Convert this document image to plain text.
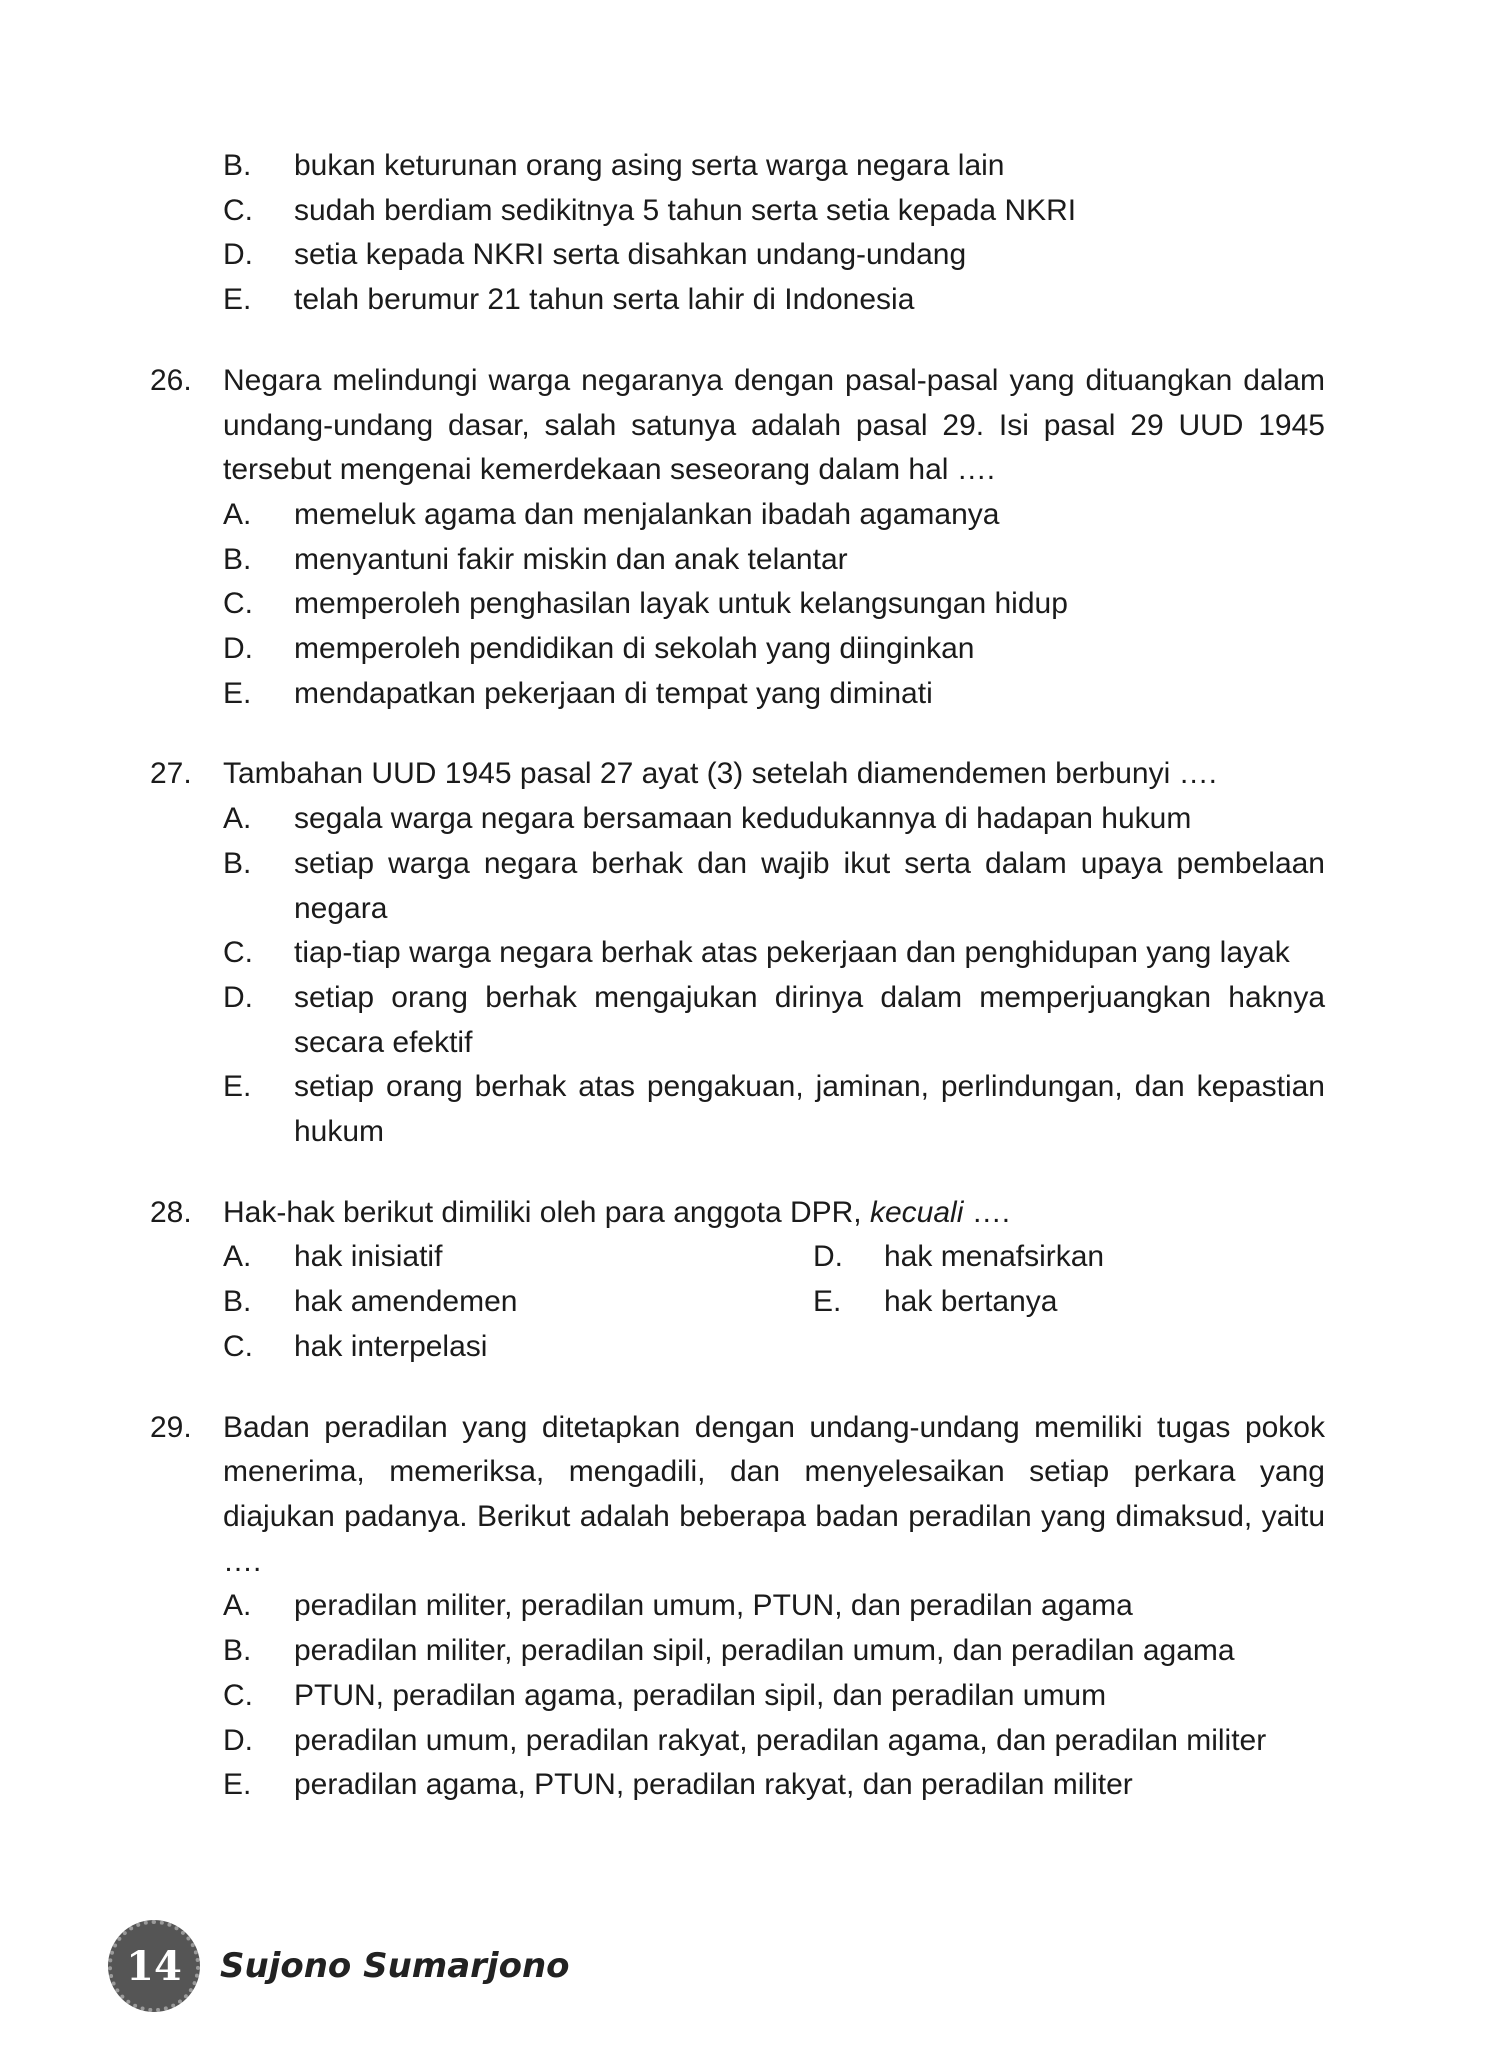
B.	bukan keturunan orang asing serta warga negara lain
C.	sudah berdiam sedikitnya 5 tahun serta setia kepada NKRI
D.	setia kepada NKRI serta disahkan undang-undang
E.	telah berumur 21 tahun serta lahir di Indonesia
26.	Negara melindungi warga negaranya dengan pasal-pasal yang dituangkan dalam undang-undang dasar, salah satunya adalah pasal 29. Isi pasal 29 UUD 1945 tersebut mengenai kemerdekaan seseorang dalam hal ….
A.	memeluk agama dan menjalankan ibadah agamanya
B.	menyantuni fakir miskin dan anak telantar
C.	memperoleh penghasilan layak untuk kelangsungan hidup
D.	memperoleh pendidikan di sekolah yang diinginkan
E.	mendapatkan pekerjaan di tempat yang diminati
27.	Tambahan UUD 1945 pasal 27 ayat (3) setelah diamendemen berbunyi ….
A.	segala warga negara bersamaan kedudukannya di hadapan hukum
B.	setiap warga negara berhak dan wajib ikut serta dalam upaya pembelaan negara
C.	tiap-tiap warga negara berhak atas pekerjaan dan penghidupan yang layak
D.	setiap orang berhak mengajukan dirinya dalam memperjuangkan haknya secara efektif
E.	setiap orang berhak atas pengakuan, jaminan, perlindungan, dan kepastian hukum
28.	Hak-hak berikut dimiliki oleh para anggota DPR, kecuali ….
A.	hak inisiatif	D.	hak menafsirkan
B.	hak amendemen	E.	hak bertanya
C.	hak interpelasi
29.	Badan peradilan yang ditetapkan dengan undang-undang memiliki tugas pokok menerima, memeriksa, mengadili, dan menyelesaikan setiap perkara yang diajukan padanya. Berikut adalah beberapa badan peradilan yang dimaksud, yaitu ….
A.	peradilan militer, peradilan umum, PTUN, dan peradilan agama
B.	peradilan militer, peradilan sipil, peradilan umum, dan peradilan agama
C.	PTUN, peradilan agama, peradilan sipil, dan peradilan umum
D.	peradilan umum, peradilan rakyat, peradilan agama, dan peradilan militer
E.	peradilan agama, PTUN, peradilan rakyat, dan peradilan militer
14 Sujono Sumarjono
